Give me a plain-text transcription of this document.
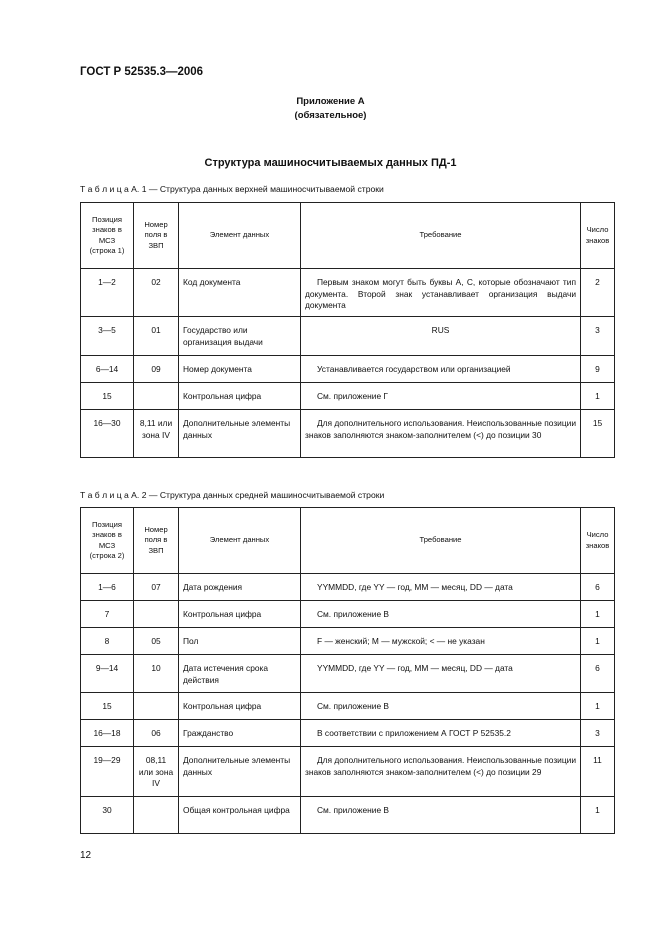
ГОСТ Р 52535.3—2006
Приложение А
(обязательное)
Структура машиносчитываемых данных ПД-1
Т а б л и ц а А. 1 — Структура данных верхней машиносчитываемой строки
Позиция знаков в МСЗ (строка 1)	Номер поля в ЗВП	Элемент данных	Требование	Число знаков
1—2	02	Код документа	Первым знаком могут быть буквы А, С, которые обозначают тип документа. Второй знак устанавливает организация выдачи документа	2
3—5	01	Государство или организация выдачи	RUS	3
6—14	09	Номер документа	Устанавливается государством или организацией	9
15		Контрольная цифра	См. приложение Г	1
16—30	8,11 или зона IV	Дополнительные элементы данных	Для дополнительного использования. Неиспользованные позиции знаков заполняются знаком-заполнителем (<) до позиции 30	15
Т а б л и ц а А. 2 — Структура данных средней машиносчитываемой строки
Позиция знаков в МСЗ (строка 2)	Номер поля в ЗВП	Элемент данных	Требование	Число знаков
1—6	07	Дата рождения	YYMMDD, где YY — год, MM — месяц, DD — дата	6
7		Контрольная цифра	См. приложение В	1
8	05	Пол	F — женский; M — мужской; < — не указан	1
9—14	10	Дата истечения срока действия	YYMMDD, где YY — год, MM — месяц, DD — дата	6
15		Контрольная цифра	См. приложение В	1
16—18	06	Гражданство	В соответствии с приложением А ГОСТ Р 52535.2	3
19—29	08,11 или зона IV	Дополнительные элементы данных	Для дополнительного использования. Неиспользованные позиции знаков заполняются знаком-заполнителем (<) до позиции 29	11
30		Общая контрольная цифра	См. приложение В	1
12
